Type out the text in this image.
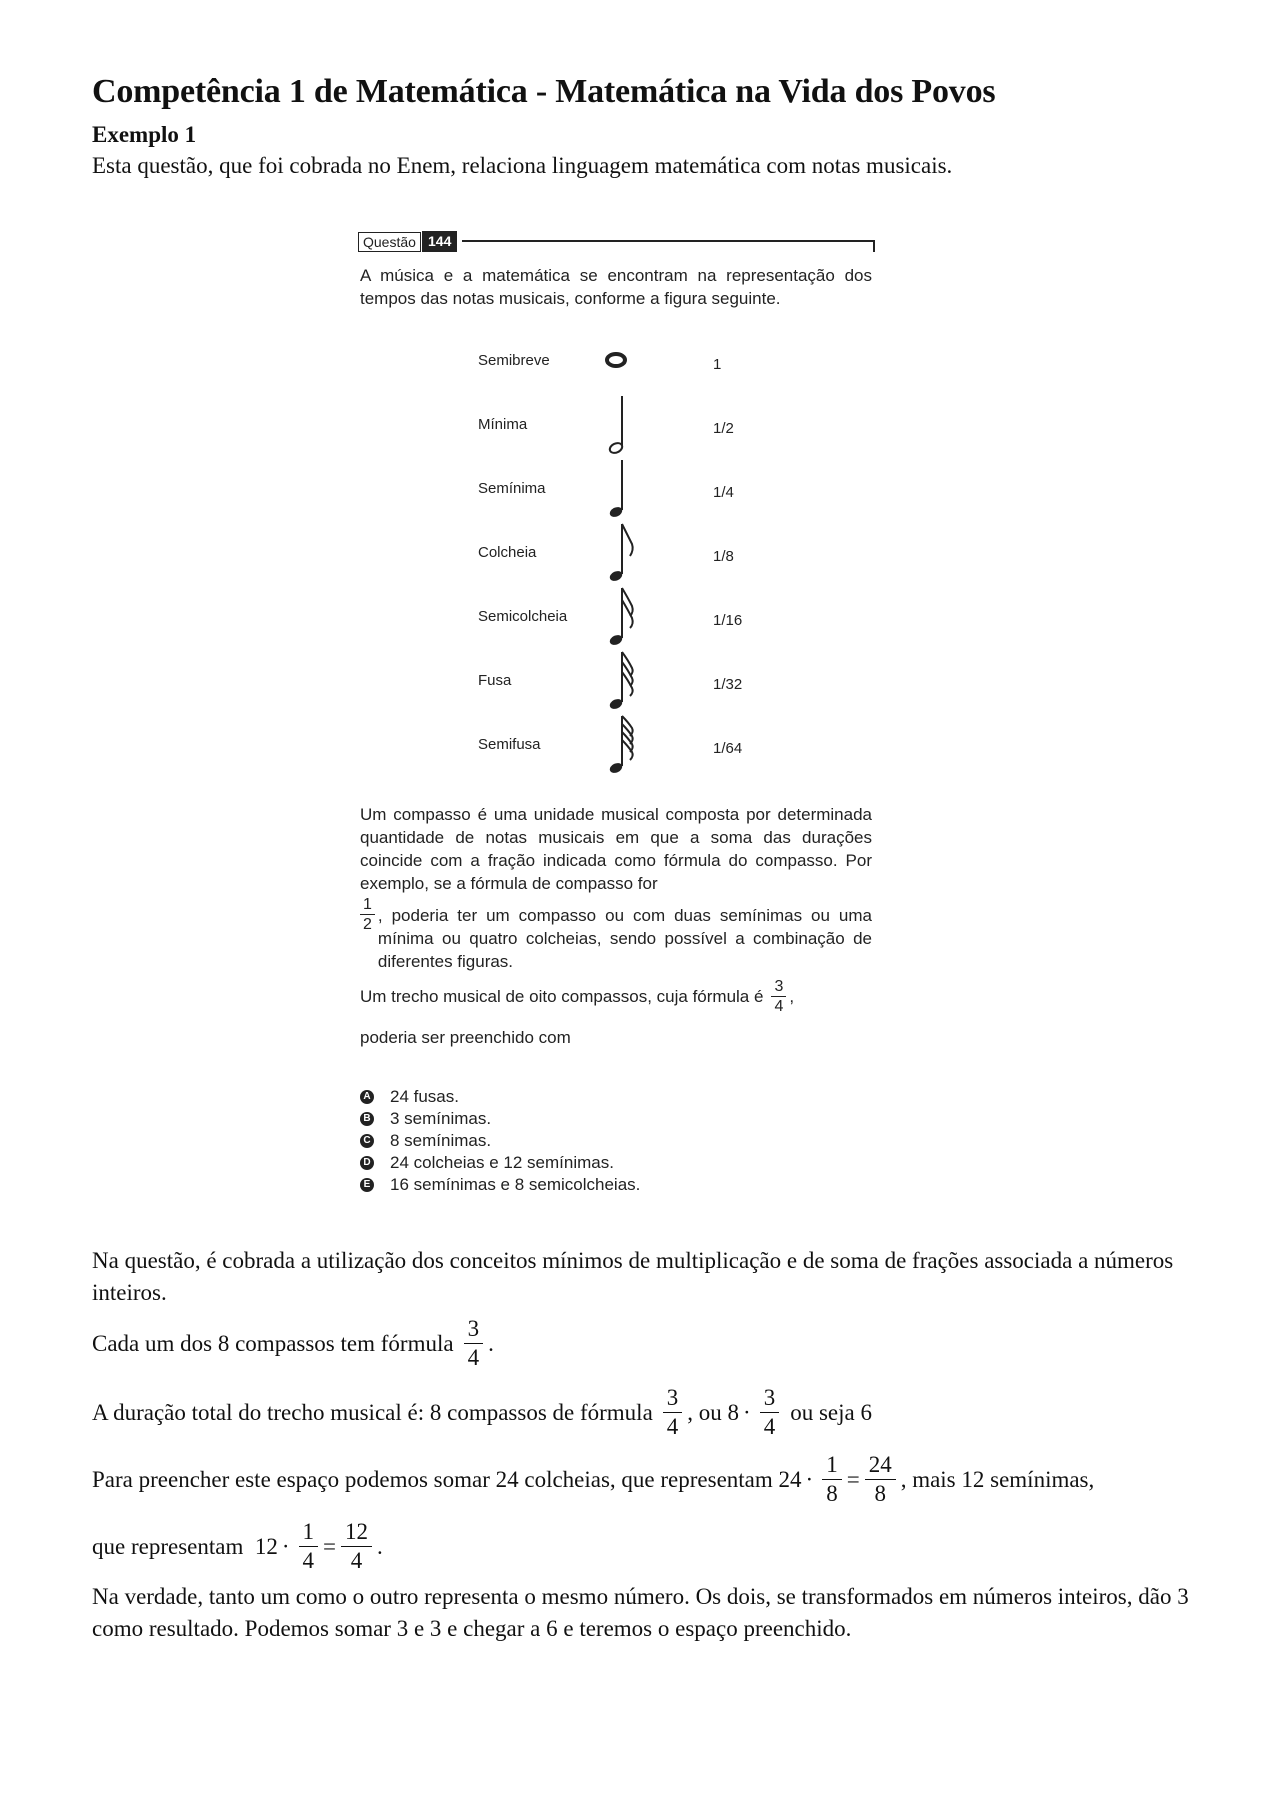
Competência 1 de Matemática - Matemática na Vida dos Povos
Exemplo 1

Esta questão, que foi cobrada no Enem, relaciona linguagem matemática com notas musicais.

Questão 144
A música e a matemática se encontram na representação dos tempos das notas musicais, conforme a figura seguinte.
Semibreve	1
Mínima	1/2
Semínima	1/4
Colcheia	1/8
Semicolcheia	1/16
Fusa	1/32
Semifusa	1/64
Um compasso é uma unidade musical composta por determinada quantidade de notas musicais em que a soma das durações coincide com a fração indicada como fórmula do compasso. Por exemplo, se a fórmula de compasso for
$\frac{1}{2}$ , poderia ter um compasso ou com duas semínimas ou uma mínima ou quatro colcheias, sendo possível a combinação de diferentes figuras.
Um trecho musical de oito compassos, cuja fórmula é $\frac{3}{4}$ ,
poderia ser preenchido com
A 24 fusas.
B 3 semínimas.
C 8 semínimas.
D 24 colcheias e 12 semínimas.
E 16 semínimas e 8 semicolcheias.

Na questão, é cobrada a utilização dos conceitos mínimos de multiplicação e de soma de frações associada a números inteiros.

Cada um dos 8 compassos tem fórmula $\frac{3}{4}$ .
A duração total do trecho musical é: 8 compassos de fórmula $\frac{3}{4}$ , ou $8 \cdot \frac{3}{4}$ ou seja 6
Para preencher este espaço podemos somar 24 colcheias, que representam $24 \cdot \frac{1}{8} = \frac{24}{8}$ , mais 12 semínimas,
que representam  $12 \cdot \frac{1}{4} = \frac{12}{4}$ .

Na verdade, tanto um como o outro representa o mesmo número. Os dois, se transformados em números inteiros, dão 3 como resultado. Podemos somar 3 e 3 e chegar a 6 e teremos o espaço preenchido.
